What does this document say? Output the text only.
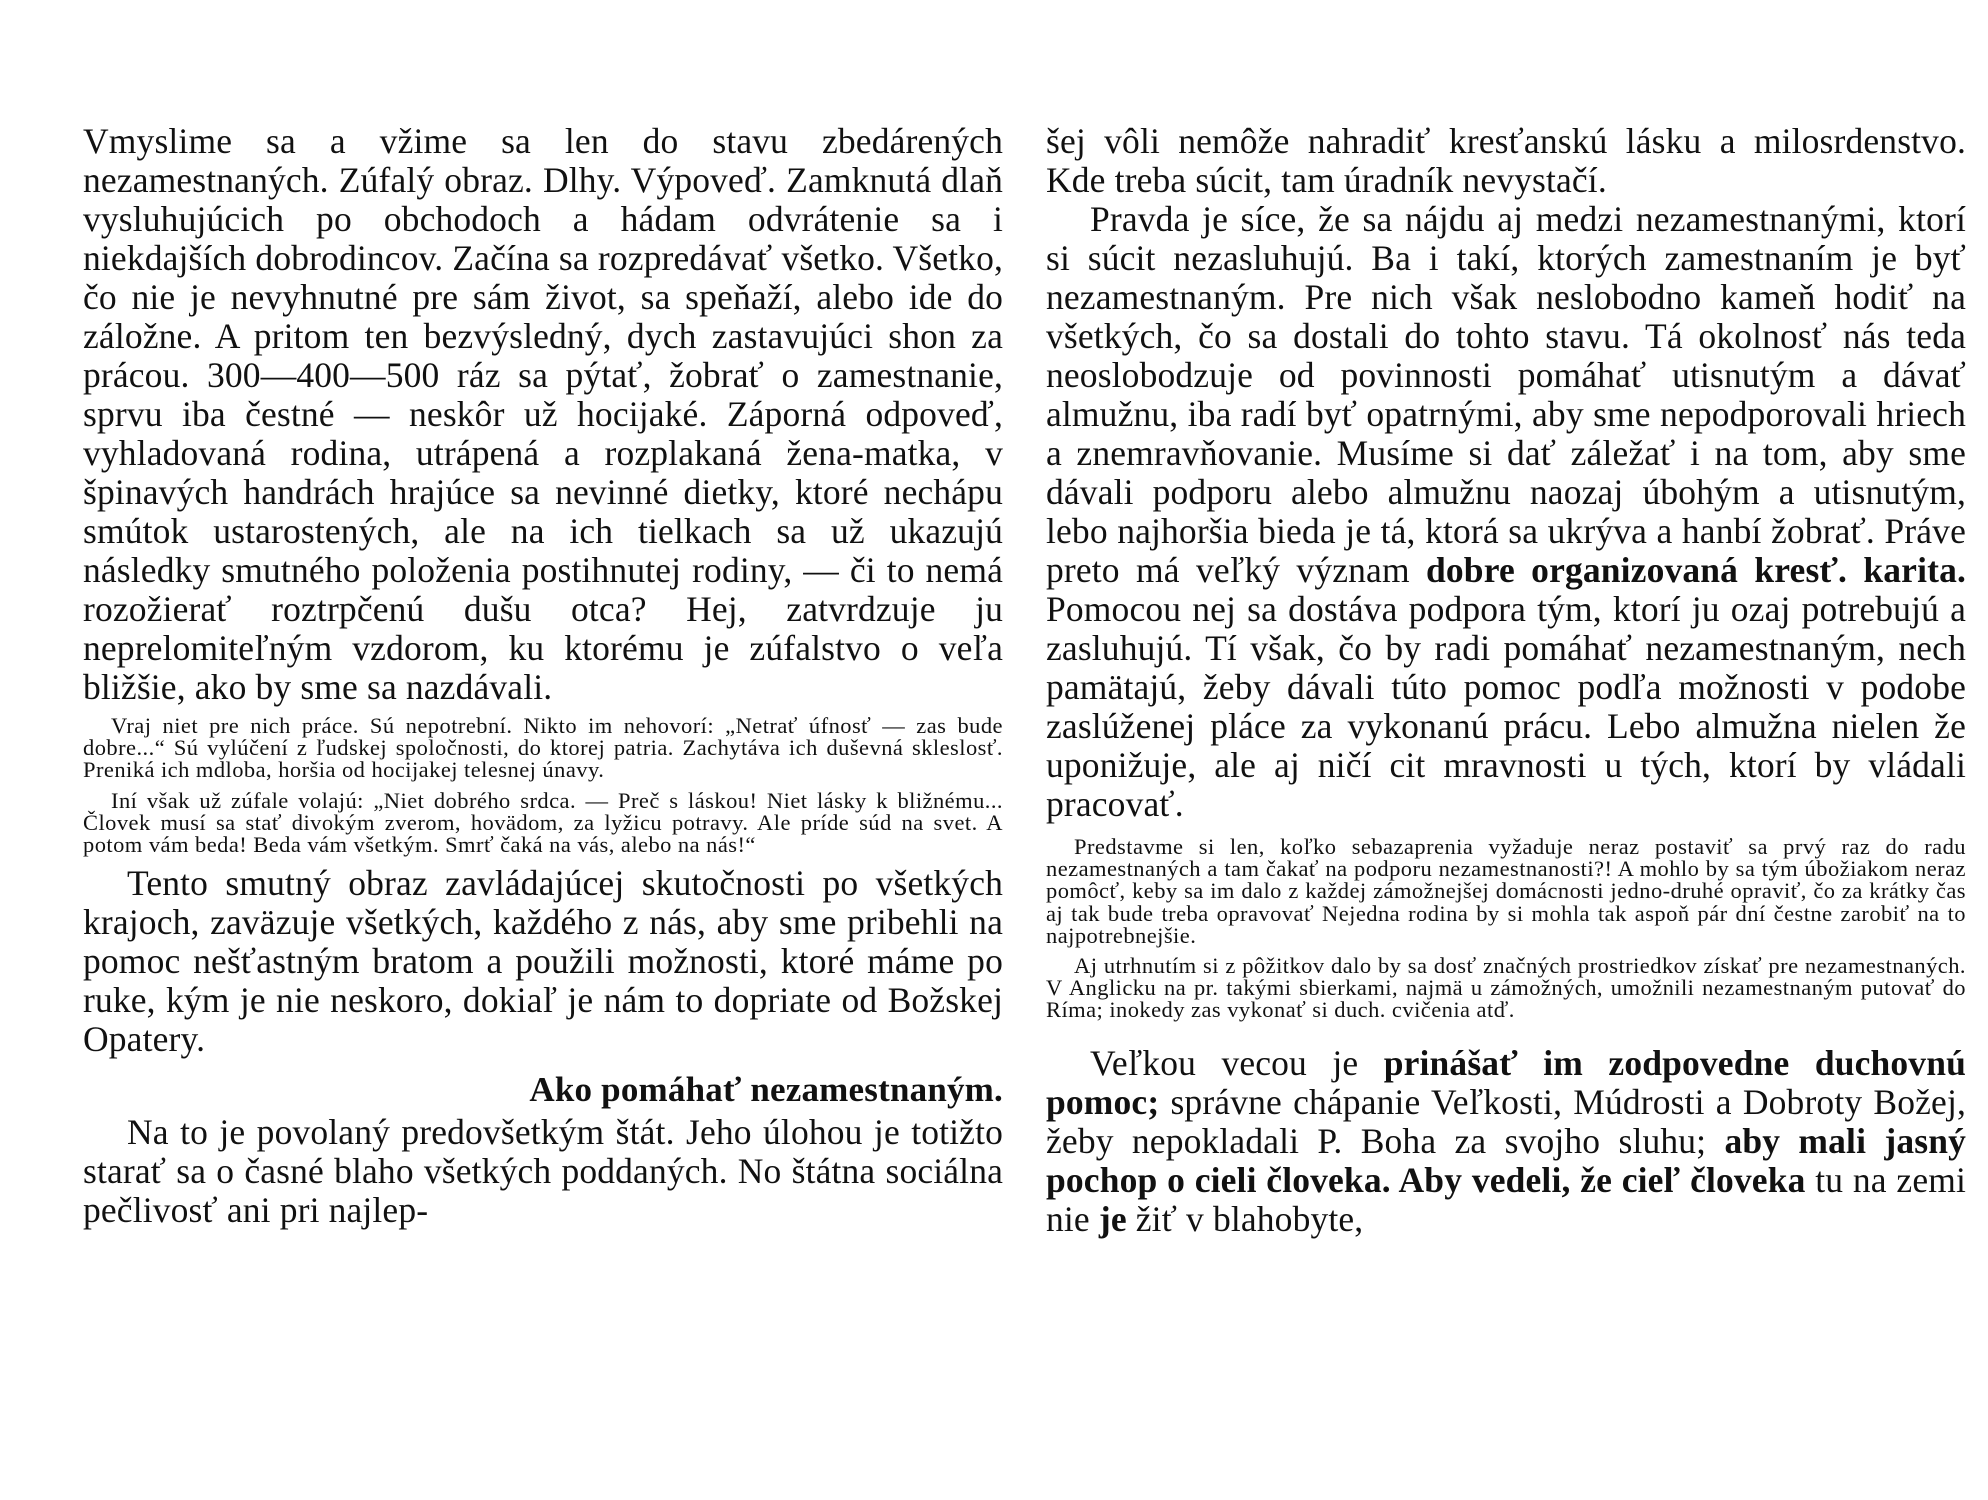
Vmyslime sa a vžime sa len do stavu zbedárených nezamestnaných. Zúfalý obraz. Dlhy. Výpoveď. Zamknutá dlaň vysluhujúcich po obchodoch a hádam odvrátenie sa i niekdajších dobrodincov. Začína sa rozpredávať všetko. Všetko, čo nie je nevyhnutné pre sám život, sa speňaží, alebo ide do záložne. A pritom ten bezvýsledný, dych zastavujúci shon za prácou. 300—400—500 ráz sa pýtať, žobrať o zamestnanie, sprvu iba čestné — neskôr už hocijaké. Záporná odpoveď, vyhladovaná rodina, utrápená a rozplakaná žena-matka, v špinavých handrách hrajúce sa nevinné dietky, ktoré nechápu smútok ustarostených, ale na ich tielkach sa už ukazujú následky smutného položenia postihnutej rodiny, — či to nemá rozožierať roztrpčenú dušu otca? Hej, zatvrdzuje ju neprelomiteľným vzdorom, ku ktorému je zúfalstvo o veľa bližšie, ako by sme sa nazdávali.

Vraj niet pre nich práce. Sú nepotrební. Nikto im nehovorí: „Netrať úfnosť — zas bude dobre...“ Sú vylúčení z ľudskej spoločnosti, do ktorej patria. Zachytáva ich duševná skleslosť. Preniká ich mdloba, horšia od hocijakej telesnej únavy.

Iní však už zúfale volajú: „Niet dobrého srdca. — Preč s láskou! Niet lásky k bližnému... Človek musí sa stať divokým zverom, hovädom, za lyžicu potravy. Ale príde súd na svet. A potom vám beda! Beda vám všetkým. Smrť čaká na vás, alebo na nás!“

Tento smutný obraz zavládajúcej skutočnosti po všetkých krajoch, zaväzuje všetkých, každého z nás, aby sme pribehli na pomoc nešťastným bratom a použili možnosti, ktoré máme po ruke, kým je nie neskoro, dokiaľ je nám to dopriate od Božskej Opatery.

Ako pomáhať nezamestnaným.

Na to je povolaný predovšetkým štát. Jeho úlohou je totižto starať sa o časné blaho všetkých poddaných. No štátna sociálna pečlivosť ani pri najlep-

šej vôli nemôže nahradiť kresťanskú lásku a milosrdenstvo. Kde treba súcit, tam úradník nevystačí.

Pravda je síce, že sa nájdu aj medzi nezamestnanými, ktorí si súcit nezasluhujú. Ba i takí, ktorých zamestnaním je byť nezamestnaným. Pre nich však neslobodno kameň hodiť na všetkých, čo sa dostali do tohto stavu. Tá okolnosť nás teda neoslobodzuje od povinnosti pomáhať utisnutým a dávať almužnu, iba radí byť opatrnými, aby sme nepodporovali hriech a znemravňovanie. Musíme si dať záležať i na tom, aby sme dávali podporu alebo almužnu naozaj úbohým a utisnutým, lebo najhoršia bieda je tá, ktorá sa ukrýva a hanbí žobrať. Práve preto má veľký význam dobre organizovaná kresť. karita. Pomocou nej sa dostáva podpora tým, ktorí ju ozaj potrebujú a zasluhujú. Tí však, čo by radi pomáhať nezamestnaným, nech pamätajú, žeby dávali túto pomoc podľa možnosti v podobe zaslúženej pláce za vykonanú prácu. Lebo almužna nielen že uponižuje, ale aj ničí cit mravnosti u tých, ktorí by vládali pracovať.

Predstavme si len, koľko sebazaprenia vyžaduje neraz postaviť sa prvý raz do radu nezamestnaných a tam čakať na podporu nezamestnanosti?! A mohlo by sa tým úbožiakom neraz pomôcť, keby sa im dalo z každej zámožnejšej domácnosti jedno-druhé opraviť, čo za krátky čas aj tak bude treba opravovať Nejedna rodina by si mohla tak aspoň pár dní čestne zarobiť na to najpotrebnejšie.

Aj utrhnutím si z pôžitkov dalo by sa dosť značných prostriedkov získať pre nezamestnaných. V Anglicku na pr. takými sbierkami, najmä u zámožných, umožnili nezamestnaným putovať do Ríma; inokedy zas vykonať si duch. cvičenia atď.

Veľkou vecou je prinášať im zodpovedne duchovnú pomoc; správne chápanie Veľkosti, Múdrosti a Dobroty Božej, žeby nepokladali P. Boha za svojho sluhu; aby mali jasný pochop o cieli človeka. Aby vedeli, že cieľ človeka tu na zemi nie je žiť v blahobyte,
